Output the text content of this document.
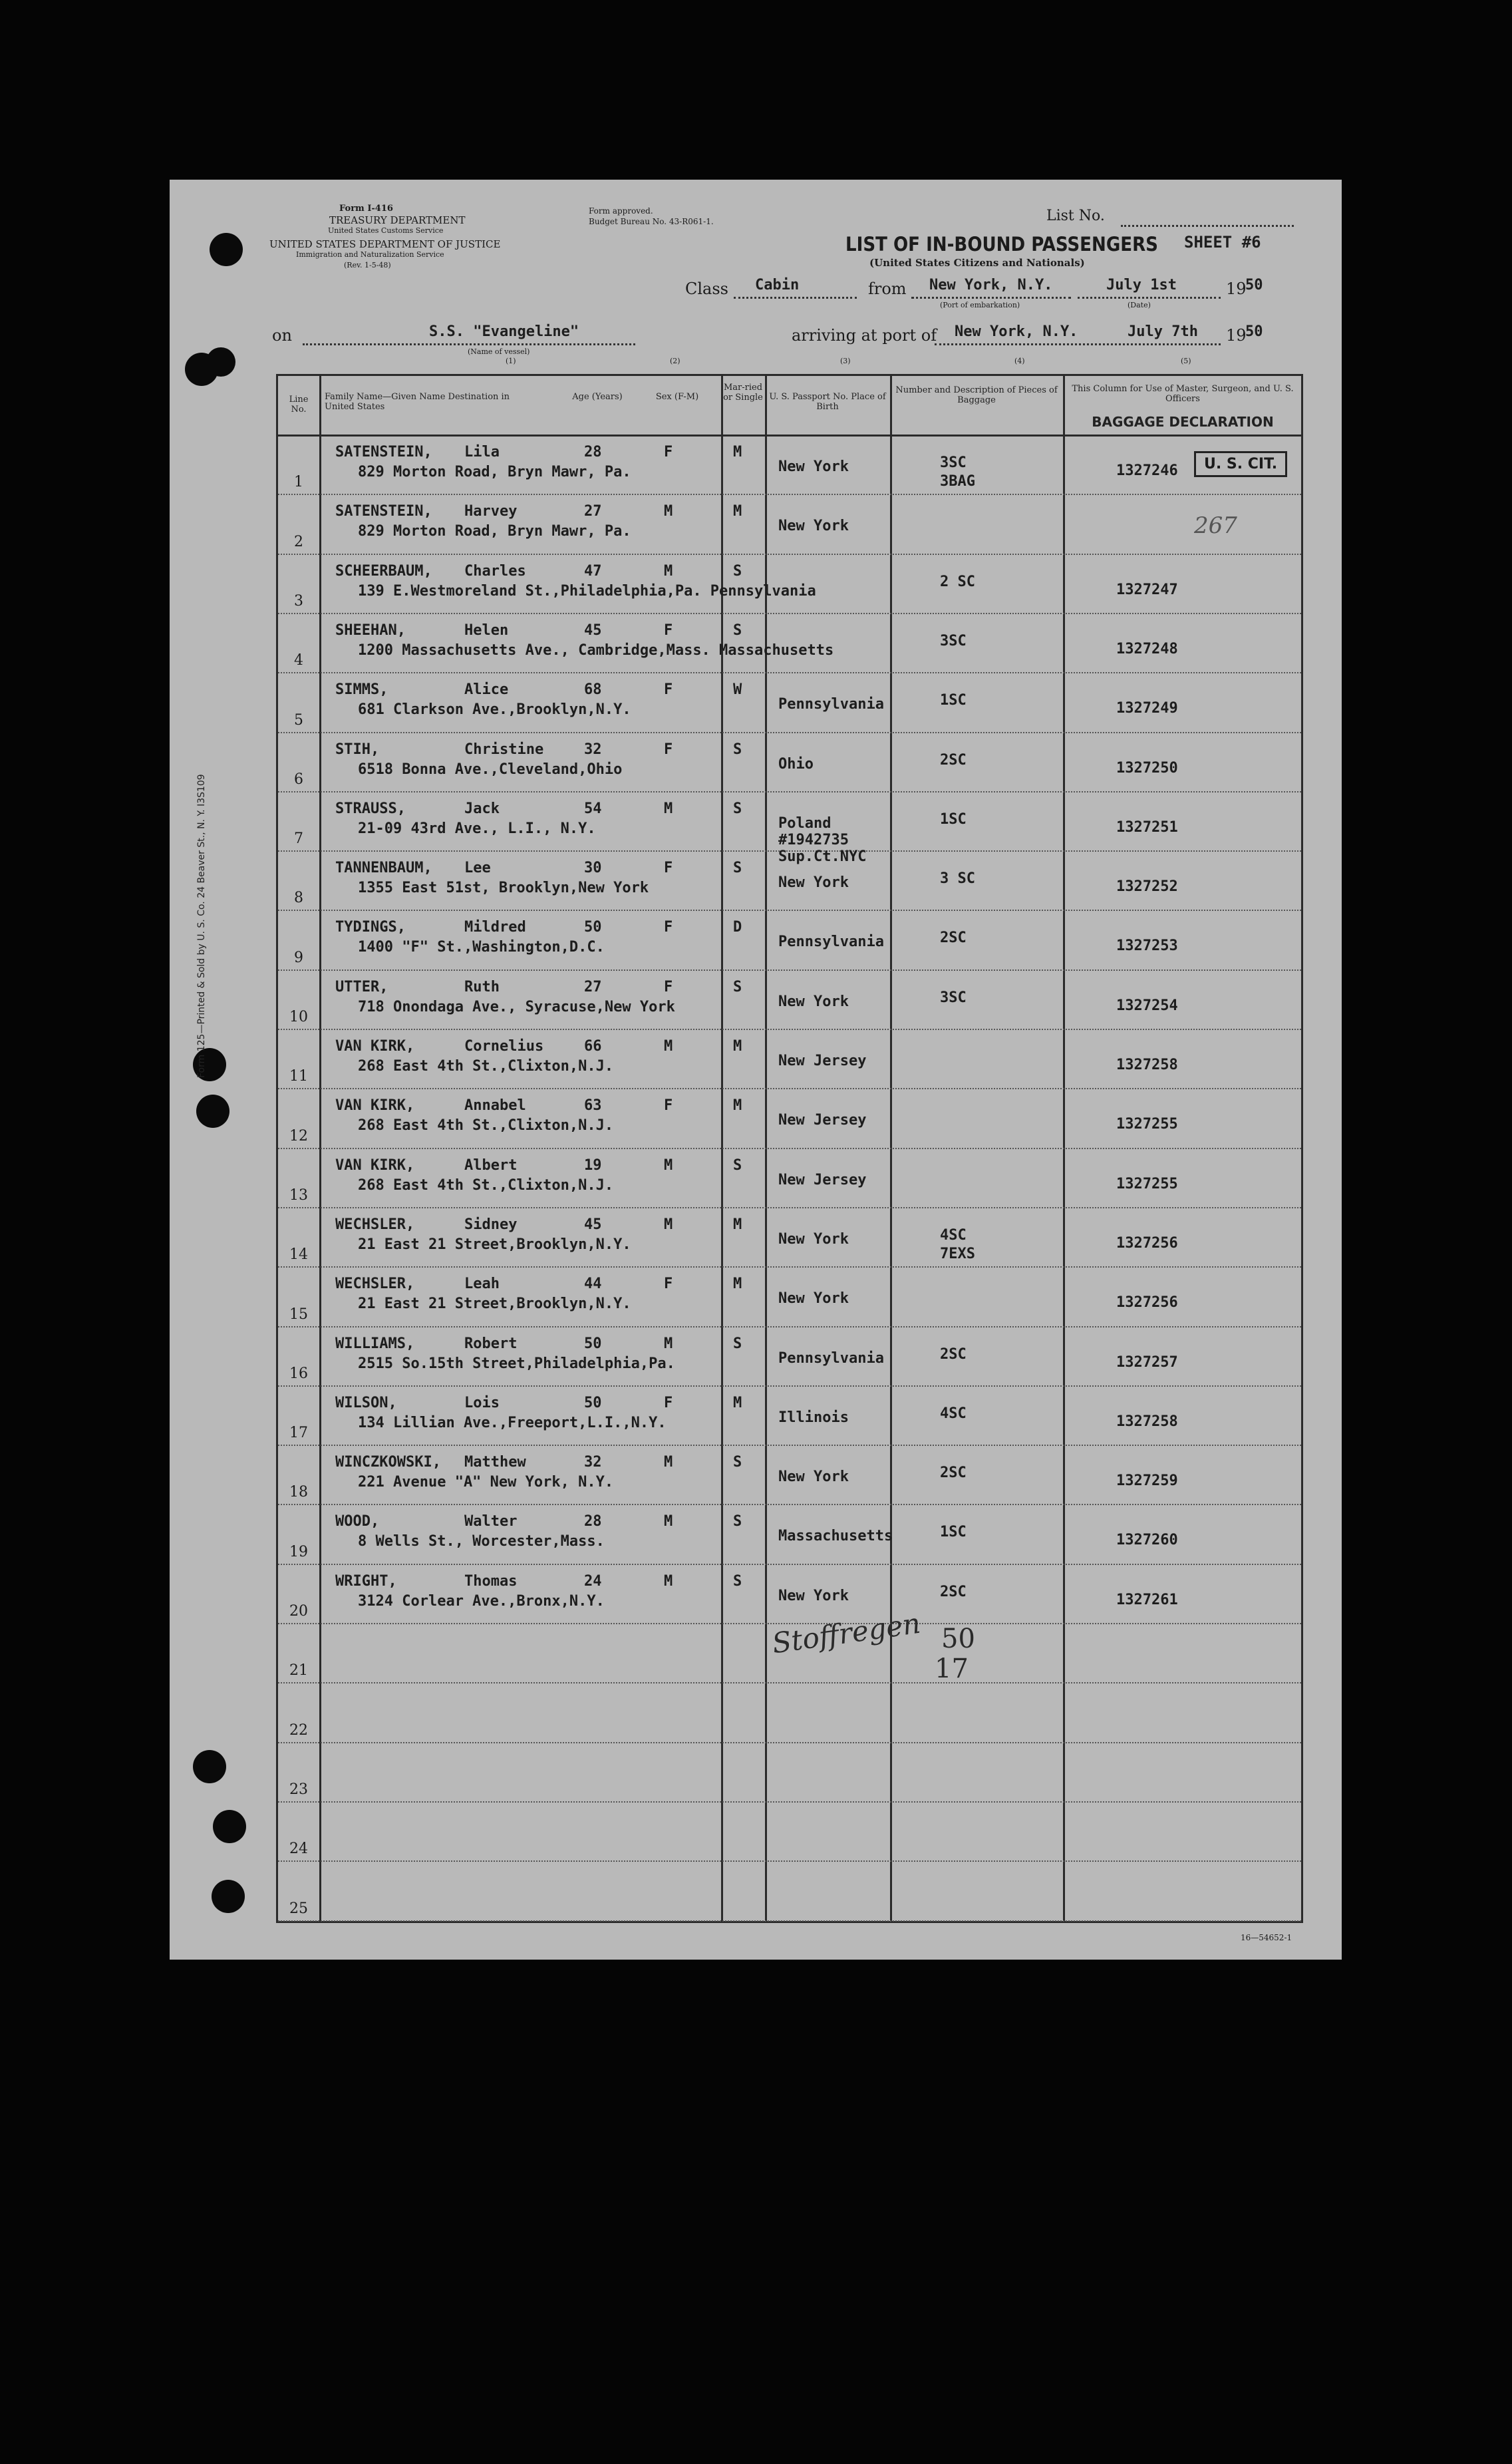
Form I-416
TREASURY DEPARTMENT
United States Customs Service
UNITED STATES DEPARTMENT OF JUSTICE
Immigration and Naturalization Service
(Rev. 1-5-48)
Form approved.
Budget Bureau No. 43-R061-1.	List No.
LIST OF IN-BOUND PASSENGERS
(United States Citizens and Nationals)
SHEET #6
Class Cabin	from New York, N.Y.
(Port of embarkation)
July 1st
(Date)
19
50
on	S.S. "Evangeline"
(Name of vessel)
arriving at port of New York, N.Y.	July 7th 19
50
(1)	(2)	(3)	(4)	(5)
Form 125—Printed & Sold by U. S. Co. 24 Beaver St., N. Y. I3S109
Line No.
Family Name—Given Name Destination in United States
Age (Years)	Sex (F-M)
Mar-ried or Single U. S. Passport No. Place of Birth
Number and Description of Pieces of Baggage
This Column for Use of Master, Surgeon, and U. S. Officers
BAGGAGE DECLARATION
1
SATENSTEIN, Lila	28	F	M
829 Morton Road, Bryn Mawr, Pa.	New York	3SC
3BAG
1327246
2
SATENSTEIN, Harvey	27	M	M
829 Morton Road, Bryn Mawr, Pa.	New York
3
SCHEERBAUM, Charles	47	M	S
139 E.Westmoreland St.,Philadelphia,Pa. Pennsylvania
2 SC	1327247
4
SHEEHAN,	Helen	45	F	S
1200 Massachusetts Ave., Cambridge,Mass. Massachusetts
3SC	1327248
5
SIMMS,	Alice	68	F	W
681 Clarkson Ave.,Brooklyn,N.Y.	Pennsylvania	1SC	1327249
6
STIH,	Christine	32	F	S
6518 Bonna Ave.,Cleveland,Ohio	Ohio	2SC	1327250
7
STRAUSS,	Jack	54	M	S
21-09 43rd Ave., L.I., N.Y.	Poland
#1942735
Sup.Ct.NYC
1SC	1327251
8
TANNENBAUM, Lee	30	F	S
1355 East 51st, Brooklyn,New York	New York	3 SC	1327252
9
TYDINGS,	Mildred	50	F	D
1400 "F" St.,Washington,D.C.	Pennsylvania	2SC	1327253
10
UTTER,	Ruth	27	F	S
718 Onondaga Ave., Syracuse,New York	New York	3SC	1327254
11
VAN KIRK,	Cornelius	66	M	M
268 East 4th St.,Clixton,N.J.	New Jersey	1327258
12
VAN KIRK,	Annabel	63	F	M
268 East 4th St.,Clixton,N.J.	New Jersey	1327255
13
VAN KIRK,	Albert	19	M	S
268 East 4th St.,Clixton,N.J.	New Jersey	1327255
14
WECHSLER,	Sidney	45	M	M
21 East 21 Street,Brooklyn,N.Y.	New York	4SC
7EXS
1327256
15
WECHSLER,	Leah	44	F	M
21 East 21 Street,Brooklyn,N.Y.	New York	1327256
16
WILLIAMS,	Robert	50	M	S
2515 So.15th Street,Philadelphia,Pa.	Pennsylvania	2SC	1327257
17
WILSON,	Lois	50	F	M
134 Lillian Ave.,Freeport,L.I.,N.Y.	Illinois	4SC	1327258
18
WINCZKOWSKI, Matthew	32	M	S
221 Avenue "A" New York, N.Y.	New York	2SC	1327259
19
WOOD,	Walter	28	M	S
8 Wells St., Worcester,Mass.	Massachusetts	1SC	1327260
20
WRIGHT,	Thomas	24	M	S
3124 Corlear Ave.,Bronx,N.Y.	New York	2SC	1327261
21
22
23
24
25
U. S. CIT.
267
Stoffregen 50
17
16—54652-1
